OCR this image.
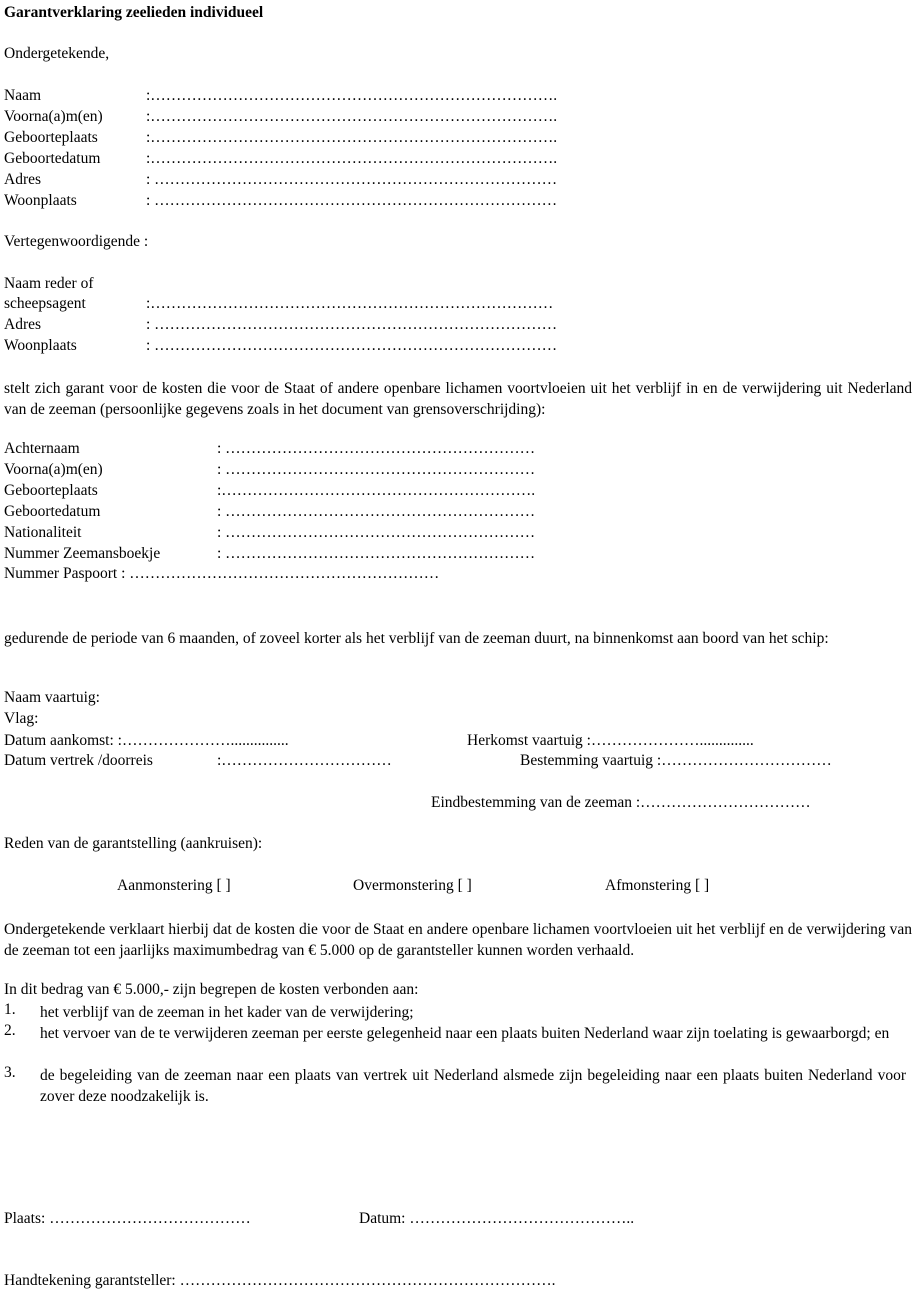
Garantverklaring zeelieden individueel
Ondergetekende,
Naam	:…………………………………………………………………….
Voorna(a)m(en)	:…………………………………………………………………….
Geboorteplaats	:…………………………………………………………………….
Geboortedatum	:…………………………………………………………………….
Adres	: ……………………………………………………………………
Woonplaats	: ……………………………………………………………………
Vertegenwoordigende :
Naam reder of
scheepsagent	:……………………………………………………………………
Adres	: ……………………………………………………………………
Woonplaats	: ……………………………………………………………………
stelt zich garant voor de kosten die voor de Staat of andere openbare lichamen voortvloeien uit het verblijf in en de verwijdering uit Nederland van de zeeman (persoonlijke gegevens zoals in het document van grensoverschrijding):
Achternaam	: ……………………………………………………
Voorna(a)m(en)	: ……………………………………………………
Geboorteplaats	:…………………………………………………….
Geboortedatum	: ……………………………………………………
Nationaliteit	: ……………………………………………………
Nummer Zeemansboekje	: ……………………………………………………
Nummer Paspoort : ……………………………………………………
gedurende de periode van 6 maanden, of zoveel korter als het verblijf van de zeeman duurt, na binnenkomst aan boord van het schip:
Naam vaartuig:
Vlag:
Datum aankomst: :…………………...............	Herkomst vaartuig :…………………..............
Datum vertrek /doorreis	:……………………………	Bestemming vaartuig :……………………………
Eindbestemming van de zeeman :……………………………
Reden van de garantstelling (aankruisen):
Aanmonstering [ ]	Overmonstering [ ]	Afmonstering [ ]
Ondergetekende verklaart hierbij dat de kosten die voor de Staat en andere openbare lichamen voortvloeien uit het verblijf en de verwijdering van de zeeman tot een jaarlijks maximumbedrag van € 5.000 op de garantsteller kunnen worden verhaald.
In dit bedrag van € 5.000,- zijn begrepen de kosten verbonden aan:
1. het verblijf van de zeeman in het kader van de verwijdering;
2. het vervoer van de te verwijderen zeeman per eerste gelegenheid naar een plaats buiten Nederland waar zijn toelating is gewaarborgd; en
3. de begeleiding van de zeeman naar een plaats van vertrek uit Nederland alsmede zijn begeleiding naar een plaats buiten Nederland voor zover deze noodzakelijk is.
Plaats: …………………………………	Datum: ……………………………………..
Handtekening garantsteller: ……………………………………………………………….
